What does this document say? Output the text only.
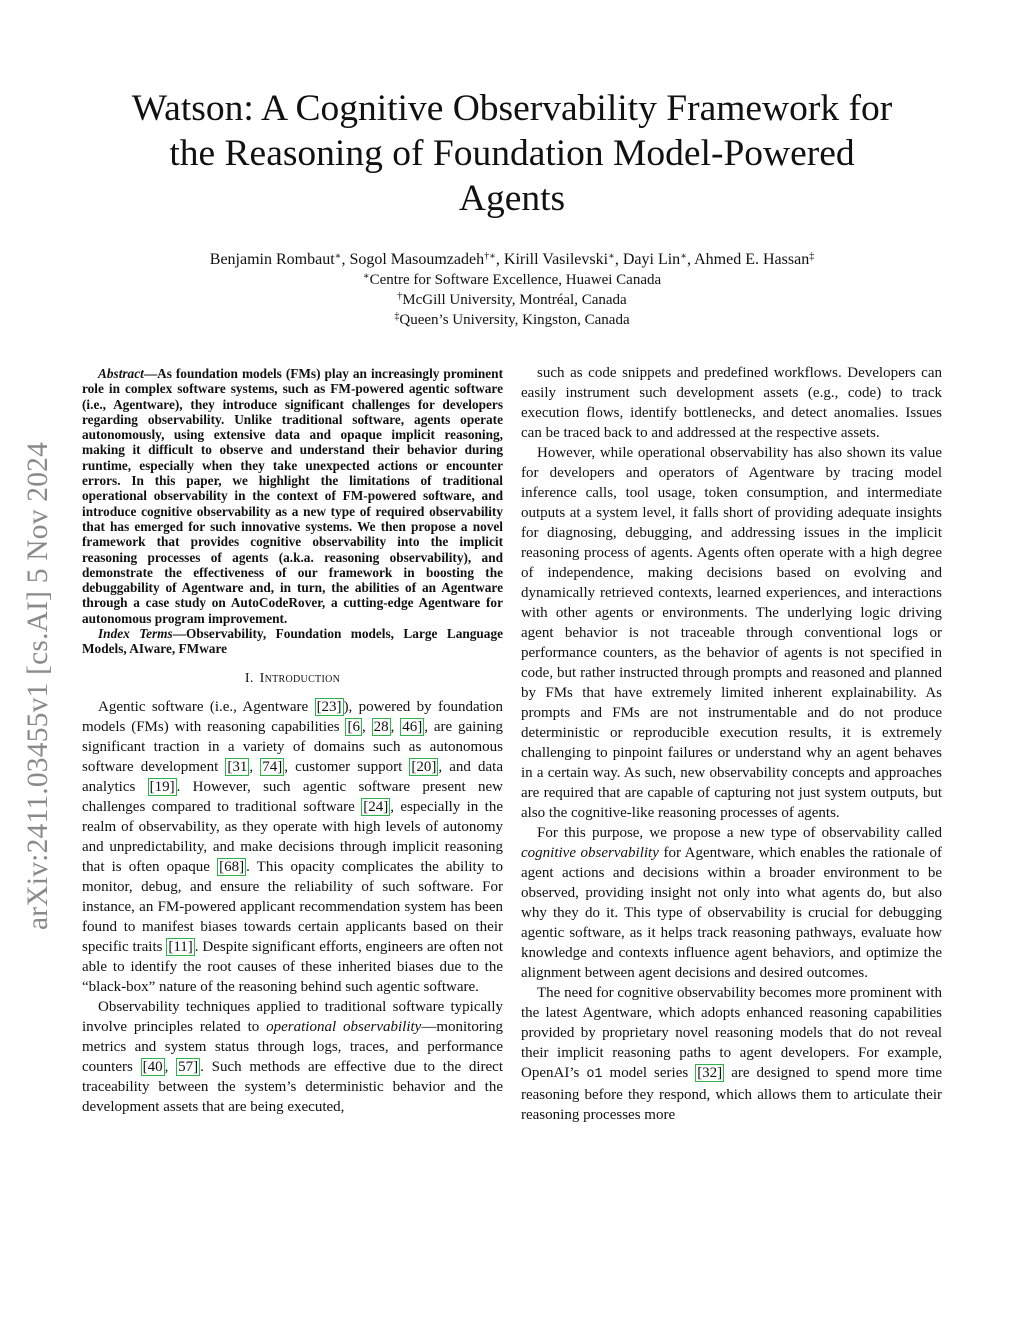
arXiv:2411.03455v1 [cs.AI] 5 Nov 2024
Watson: A Cognitive Observability Framework for
the Reasoning of Foundation Model-Powered
Agents
Benjamin Rombaut∗, Sogol Masoumzadeh†∗, Kirill Vasilevski∗, Dayi Lin∗, Ahmed E. Hassan‡
∗Centre for Software Excellence, Huawei Canada
†McGill University, Montréal, Canada
‡Queen’s University, Kingston, Canada

Abstract—As foundation models (FMs) play an increasingly prominent role in complex software systems, such as FM-powered agentic software (i.e., Agentware), they introduce significant challenges for developers regarding observability. Unlike traditional software, agents operate autonomously, using extensive data and opaque implicit reasoning, making it difficult to observe and understand their behavior during runtime, especially when they take unexpected actions or encounter errors. In this paper, we highlight the limitations of traditional operational observability in the context of FM-powered software, and introduce cognitive observability as a new type of required observability that has emerged for such innovative systems. We then propose a novel framework that provides cognitive observability into the implicit reasoning processes of agents (a.k.a. reasoning observability), and demonstrate the effectiveness of our framework in boosting the debuggability of Agentware and, in turn, the abilities of an Agentware through a case study on AutoCodeRover, a cutting-edge Agentware for autonomous program improvement.

Index Terms—Observability, Foundation models, Large Language Models, AIware, FMware

I. Introduction

Agentic software (i.e., Agentware [23] ), powered by foundation models (FMs) with reasoning capabilities [6 , 28 , 46] , are gaining significant traction in a variety of domains such as autonomous software development [31 , 74] , customer support [20] , and data analytics [19] . However, such agentic software present new challenges compared to traditional software [24] , especially in the realm of observability, as they operate with high levels of autonomy and unpredictability, and make decisions through implicit reasoning that is often opaque [68] . This opacity complicates the ability to monitor, debug, and ensure the reliability of such software. For instance, an FM-powered applicant recommendation system has been found to manifest biases towards certain applicants based on their specific traits [11] . Despite significant efforts, engineers are often not able to identify the root causes of these inherited biases due to the “black-box” nature of the reasoning behind such agentic software.

Observability techniques applied to traditional software typically involve principles related to operational observability—monitoring metrics and system status through logs, traces, and performance counters [40 , 57] . Such methods are effective due to the direct traceability between the system’s deterministic behavior and the development assets that are being executed,

such as code snippets and predefined workflows. Developers can easily instrument such development assets (e.g., code) to track execution flows, identify bottlenecks, and detect anomalies. Issues can be traced back to and addressed at the respective assets.

However, while operational observability has also shown its value for developers and operators of Agentware by tracing model inference calls, tool usage, token consumption, and intermediate outputs at a system level, it falls short of providing adequate insights for diagnosing, debugging, and addressing issues in the implicit reasoning process of agents. Agents often operate with a high degree of independence, making decisions based on evolving and dynamically retrieved contexts, learned experiences, and interactions with other agents or environments. The underlying logic driving agent behavior is not traceable through conventional logs or performance counters, as the behavior of agents is not specified in code, but rather instructed through prompts and reasoned and planned by FMs that have extremely limited inherent explainability. As prompts and FMs are not instrumentable and do not produce deterministic or reproducible execution results, it is extremely challenging to pinpoint failures or understand why an agent behaves in a certain way. As such, new observability concepts and approaches are required that are capable of capturing not just system outputs, but also the cognitive-like reasoning processes of agents.

For this purpose, we propose a new type of observability called cognitive observability for Agentware, which enables the rationale of agent actions and decisions within a broader environment to be observed, providing insight not only into what agents do, but also why they do it. This type of observability is crucial for debugging agentic software, as it helps track reasoning pathways, evaluate how knowledge and contexts influence agent behaviors, and optimize the alignment between agent decisions and desired outcomes.

The need for cognitive observability becomes more prominent with the latest Agentware, which adopts enhanced reasoning capabilities provided by proprietary novel reasoning models that do not reveal their implicit reasoning paths to agent developers. For example, OpenAI’s o1 model series [32] are designed to spend more time reasoning before they respond, which allows them to articulate their reasoning processes more
